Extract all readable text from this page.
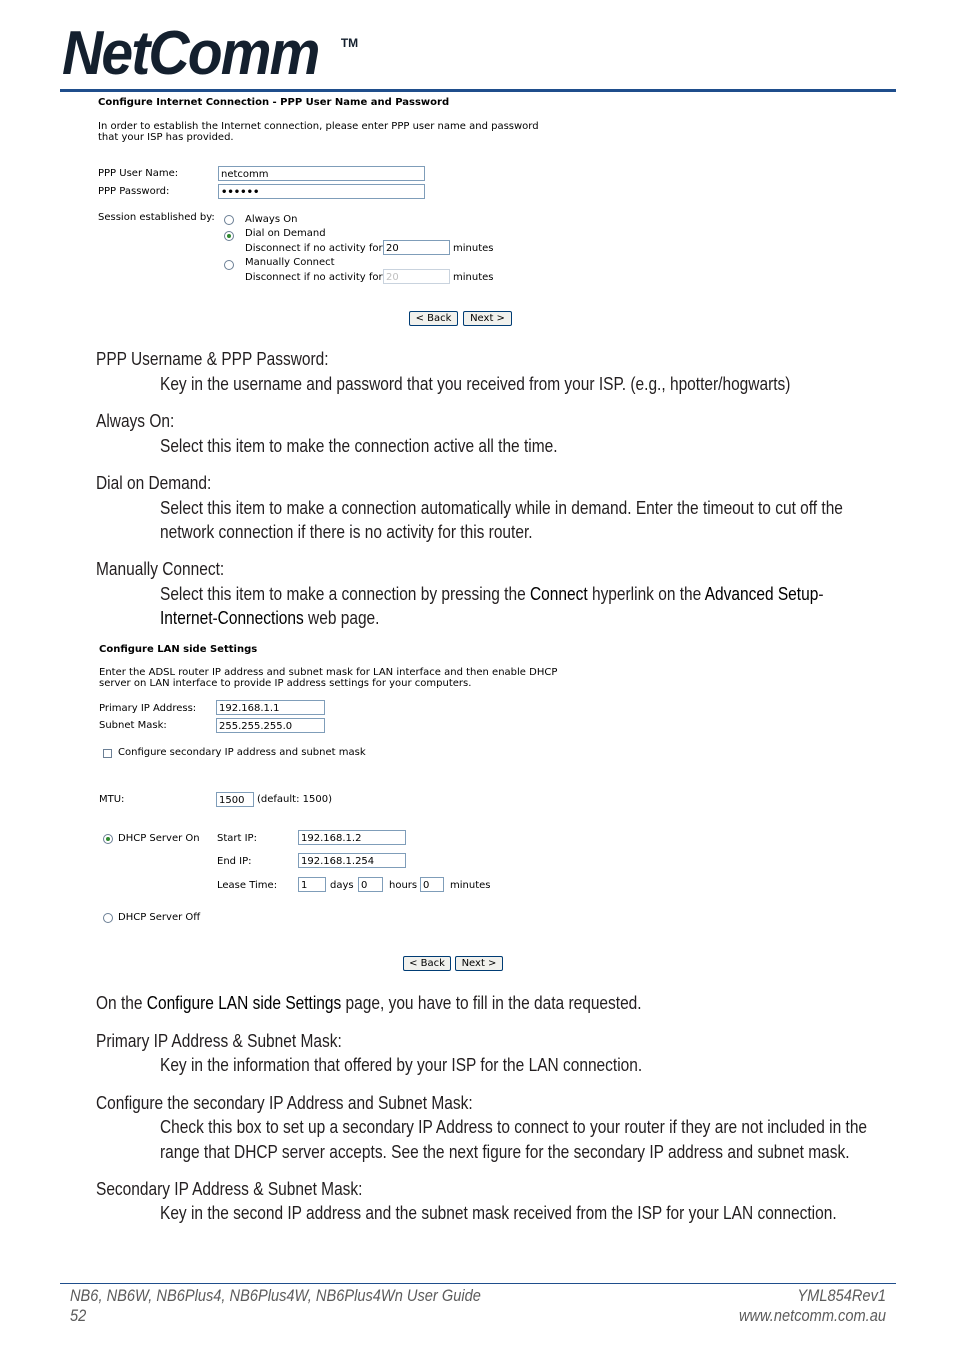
NetComm ™
Configure Internet Connection - PPP User Name and Password
In order to establish the Internet connection, please enter PPP user name and password
that your ISP has provided.
PPP User Name:	netcomm
PPP Password:	••••••
Session established by:	Always On
Dial on Demand
Disconnect if no activity for 20	minutes
Manually Connect
Disconnect if no activity for 20	minutes
< Back	Next >
PPP Username & PPP Password:
Key in the username and password that you received from your ISP. (e.g., hpotter/hogwarts)
Always On:
Select this item to make the connection active all the time.
Dial on Demand:
Select this item to make a connection automatically while in demand. Enter the timeout to cut off the
network connection if there is no activity for this router.
Manually Connect:
Select this item to make a connection by pressing the Connect hyperlink on the Advanced Setup-
Internet-Connections web page.
Configure LAN side Settings
Enter the ADSL router IP address and subnet mask for LAN interface and then enable DHCP
server on LAN interface to provide IP address settings for your computers.
Primary IP Address:	192.168.1.1
Subnet Mask:	255.255.255.0
Configure secondary IP address and subnet mask
MTU:	1500	(default: 1500)
DHCP Server On Start IP:	192.168.1.2
End IP:	192.168.1.254
Lease Time:	1	days 0	hours 0	minutes
DHCP Server Off
< Back	Next >
On the Configure LAN side Settings page, you have to fill in the data requested.
Primary IP Address & Subnet Mask:
Key in the information that offered by your ISP for the LAN connection.
Configure the secondary IP Address and Subnet Mask:
Check this box to set up a secondary IP Address to connect to your router if they are not included in the
range that DHCP server accepts. See the next figure for the secondary IP address and subnet mask.
Secondary IP Address & Subnet Mask:
Key in the second IP address and the subnet mask received from the ISP for your LAN connection.
NB6, NB6W, NB6Plus4, NB6Plus4W, NB6Plus4Wn User Guide
52
YML854Rev1
www.netcomm.com.au
